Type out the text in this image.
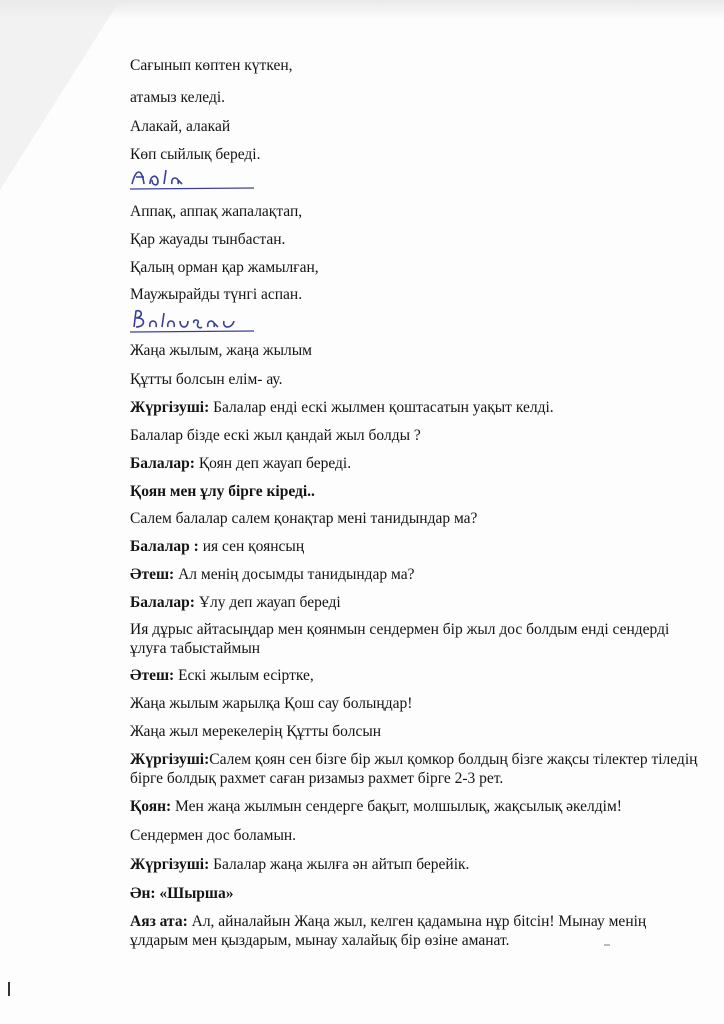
Сағынып көптен күткен,
атамыз келеді.
Алакай, алакай
Көп сыйлық береді.
Аппақ, аппақ жапалақтап,
Қар жауады тынбастан.
Қалың орман қар жамылған,
Маужырайды түнгі аспан.
Жаңа жылым, жаңа жылым
Құтты болсын елім- ау.
Жүргізуші: Балалар енді ескі жылмен қоштасатын уақыт келді.
Балалар бізде ескі жыл қандай жыл болды ?
Балалар: Қоян деп жауап береді.
Қоян мен ұлу бірге кіреді..
Салем балалар салем қонақтар мені танидындар ма?
Балалар : ия сен қоянсың
Әтеш: Ал менің досымды танидындар ма?
Балалар: Ұлу деп жауап береді
Ия дұрыс айтасыңдар мен қоянмын сендермен бір жыл дос болдым енді сендерді ұлуға табыстаймын
Әтеш: Ескі жылым есіртке,
Жаңа жылым жарылқа Қош сау болыңдар!
Жаңа жыл мерекелерің Құтты болсын
Жүргізуші:Салем қоян сен бізге бір жыл қомкор болдың бізге жақсы тілектер тіледің бірге болдық рахмет саған ризамыз рахмет бірге 2-3 рет.
Қоян: Мен жаңа жылмын сендерге бақыт, молшылық, жақсылық әкелдім!
Сендермен дос боламын.
Жүргізуші: Балалар жаңа жылға ән айтып берейік.
Ән: «Шырша»
Аяз ата: Ал, айналайын Жаңа жыл, келген қадамына нұр біtсін! Мынау менің ұлдарым мен қыздарым, мынау халайық бір өзіне аманат.
